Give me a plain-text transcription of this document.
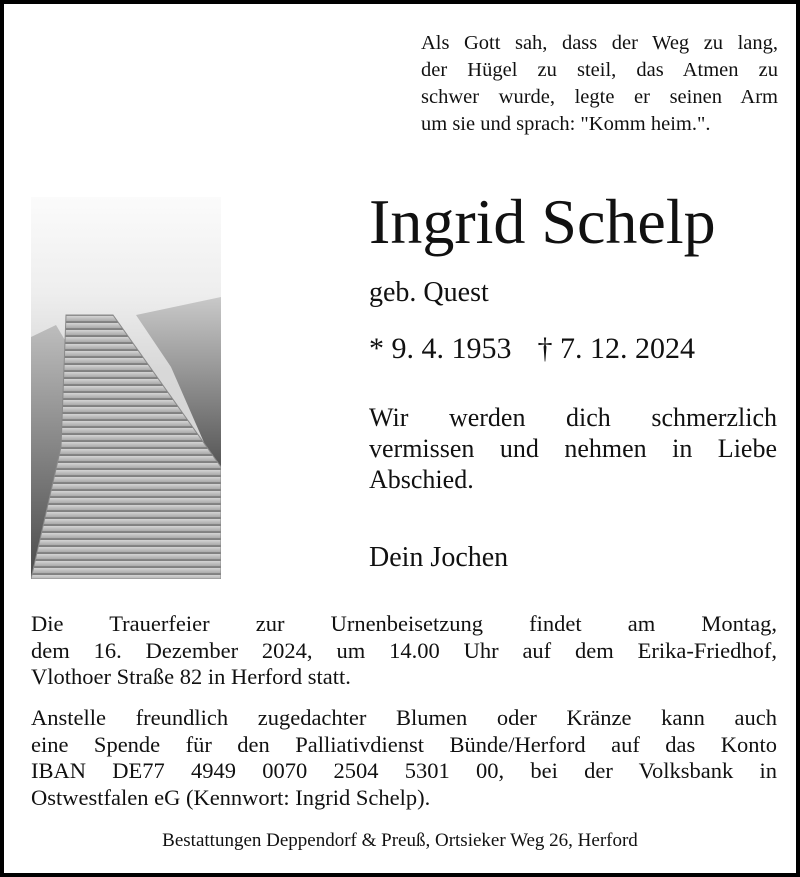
Als Gott sah, dass der Weg zu lang,
der Hügel zu steil, das Atmen zu
schwer wurde, legte er seinen Arm
um sie und sprach: "Komm heim.".
Ingrid Schelp
geb. Quest
* 9. 4. 1953 † 7. 12. 2024
Wir werden dich schmerzlich
vermissen und nehmen in Liebe
Abschied.
Dein Jochen
Die Trauerfeier zur Urnenbeisetzung findet am Montag,
dem 16. Dezember 2024, um 14.00 Uhr auf dem Erika-Friedhof,
Vlothoer Straße 82 in Herford statt.
Anstelle freundlich zugedachter Blumen oder Kränze kann auch
eine Spende für den Palliativdienst Bünde/Herford auf das Konto
IBAN DE77 4949 0070 2504 5301 00, bei der Volksbank in
Ostwestfalen eG (Kennwort: Ingrid Schelp).
Bestattungen Deppendorf & Preuß, Ortsieker Weg 26, Herford
